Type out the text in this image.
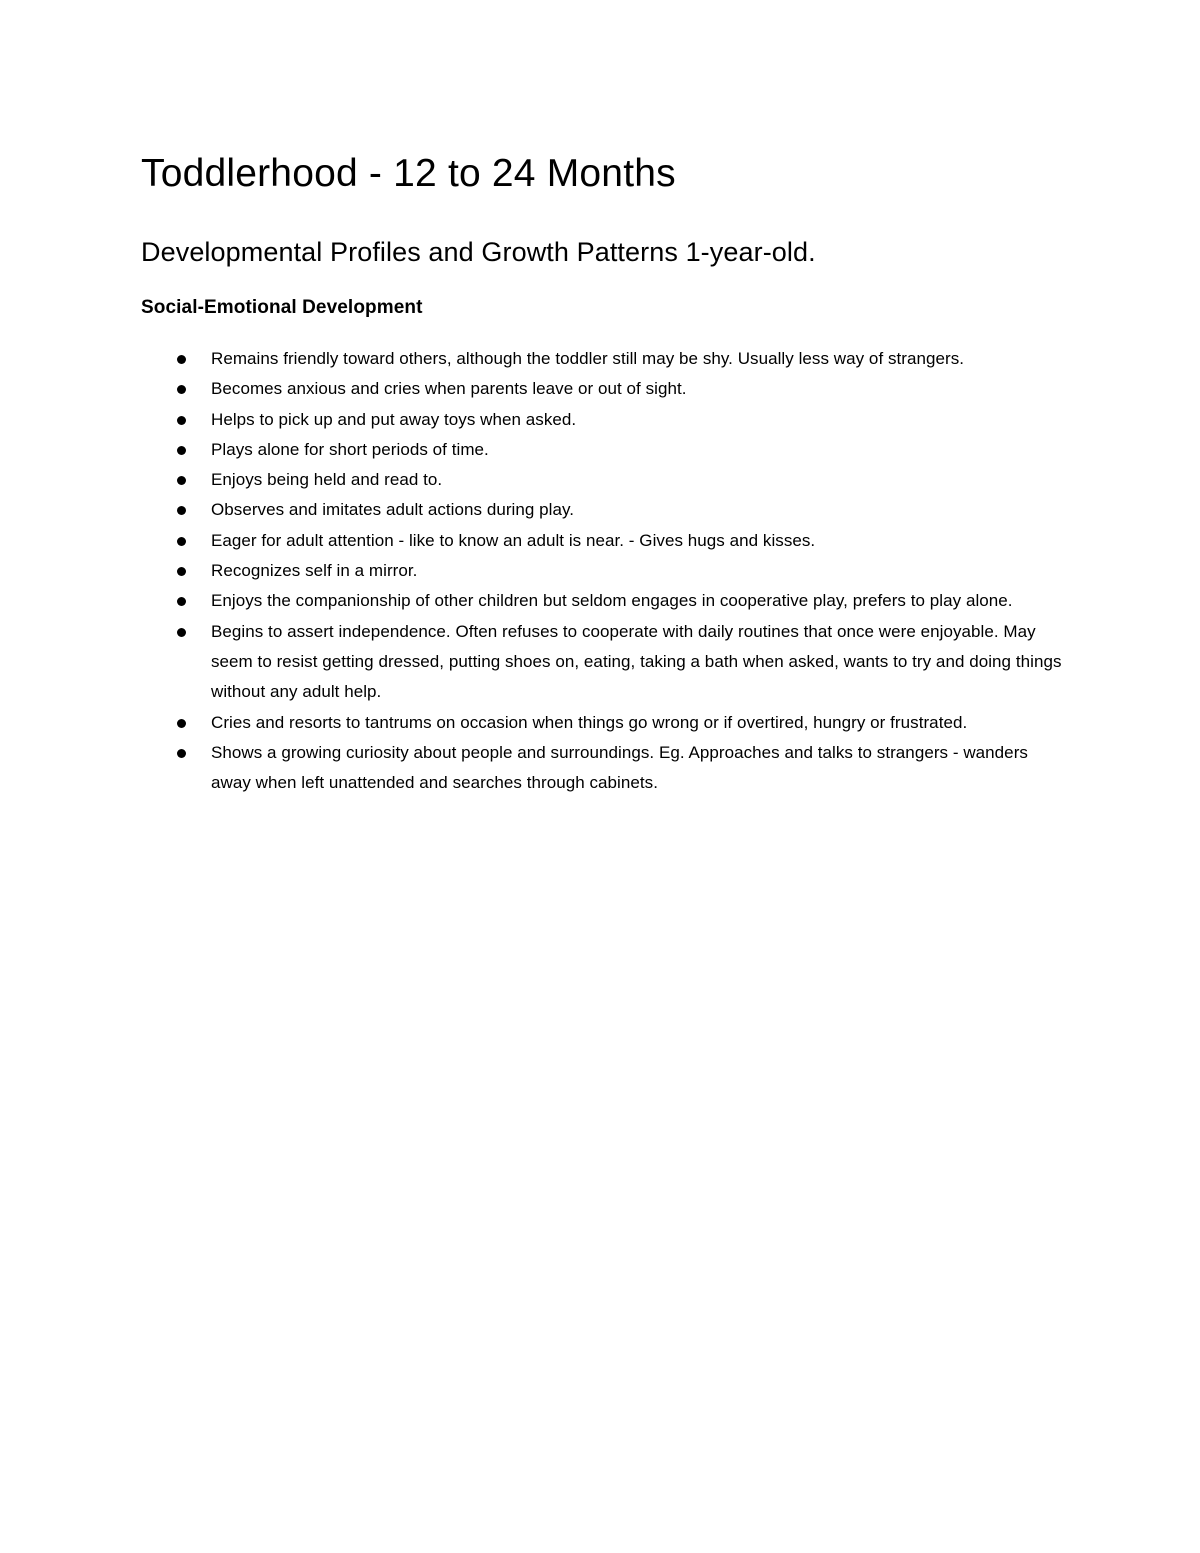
Toddlerhood - 12 to 24 Months
Developmental Profiles and Growth Patterns 1-year-old.
Social-Emotional Development
Remains friendly toward others, although the toddler still may be shy. Usually less way of strangers.
Becomes anxious and cries when parents leave or out of sight.
Helps to pick up and put away toys when asked.
Plays alone for short periods of time.
Enjoys being held and read to.
Observes and imitates adult actions during play.
Eager for adult attention - like to know an adult is near. - Gives hugs and kisses.
Recognizes self in a mirror.
Enjoys the companionship of other children but seldom engages in cooperative play, prefers to play alone.
Begins to assert independence. Often refuses to cooperate with daily routines that once were enjoyable. May seem to resist getting dressed, putting shoes on, eating, taking a bath when asked, wants to try and doing things without any adult help.
Cries and resorts to tantrums on occasion when things go wrong or if overtired, hungry or frustrated.
Shows a growing curiosity about people and surroundings. Eg. Approaches and talks to strangers - wanders away when left unattended and searches through cabinets.
